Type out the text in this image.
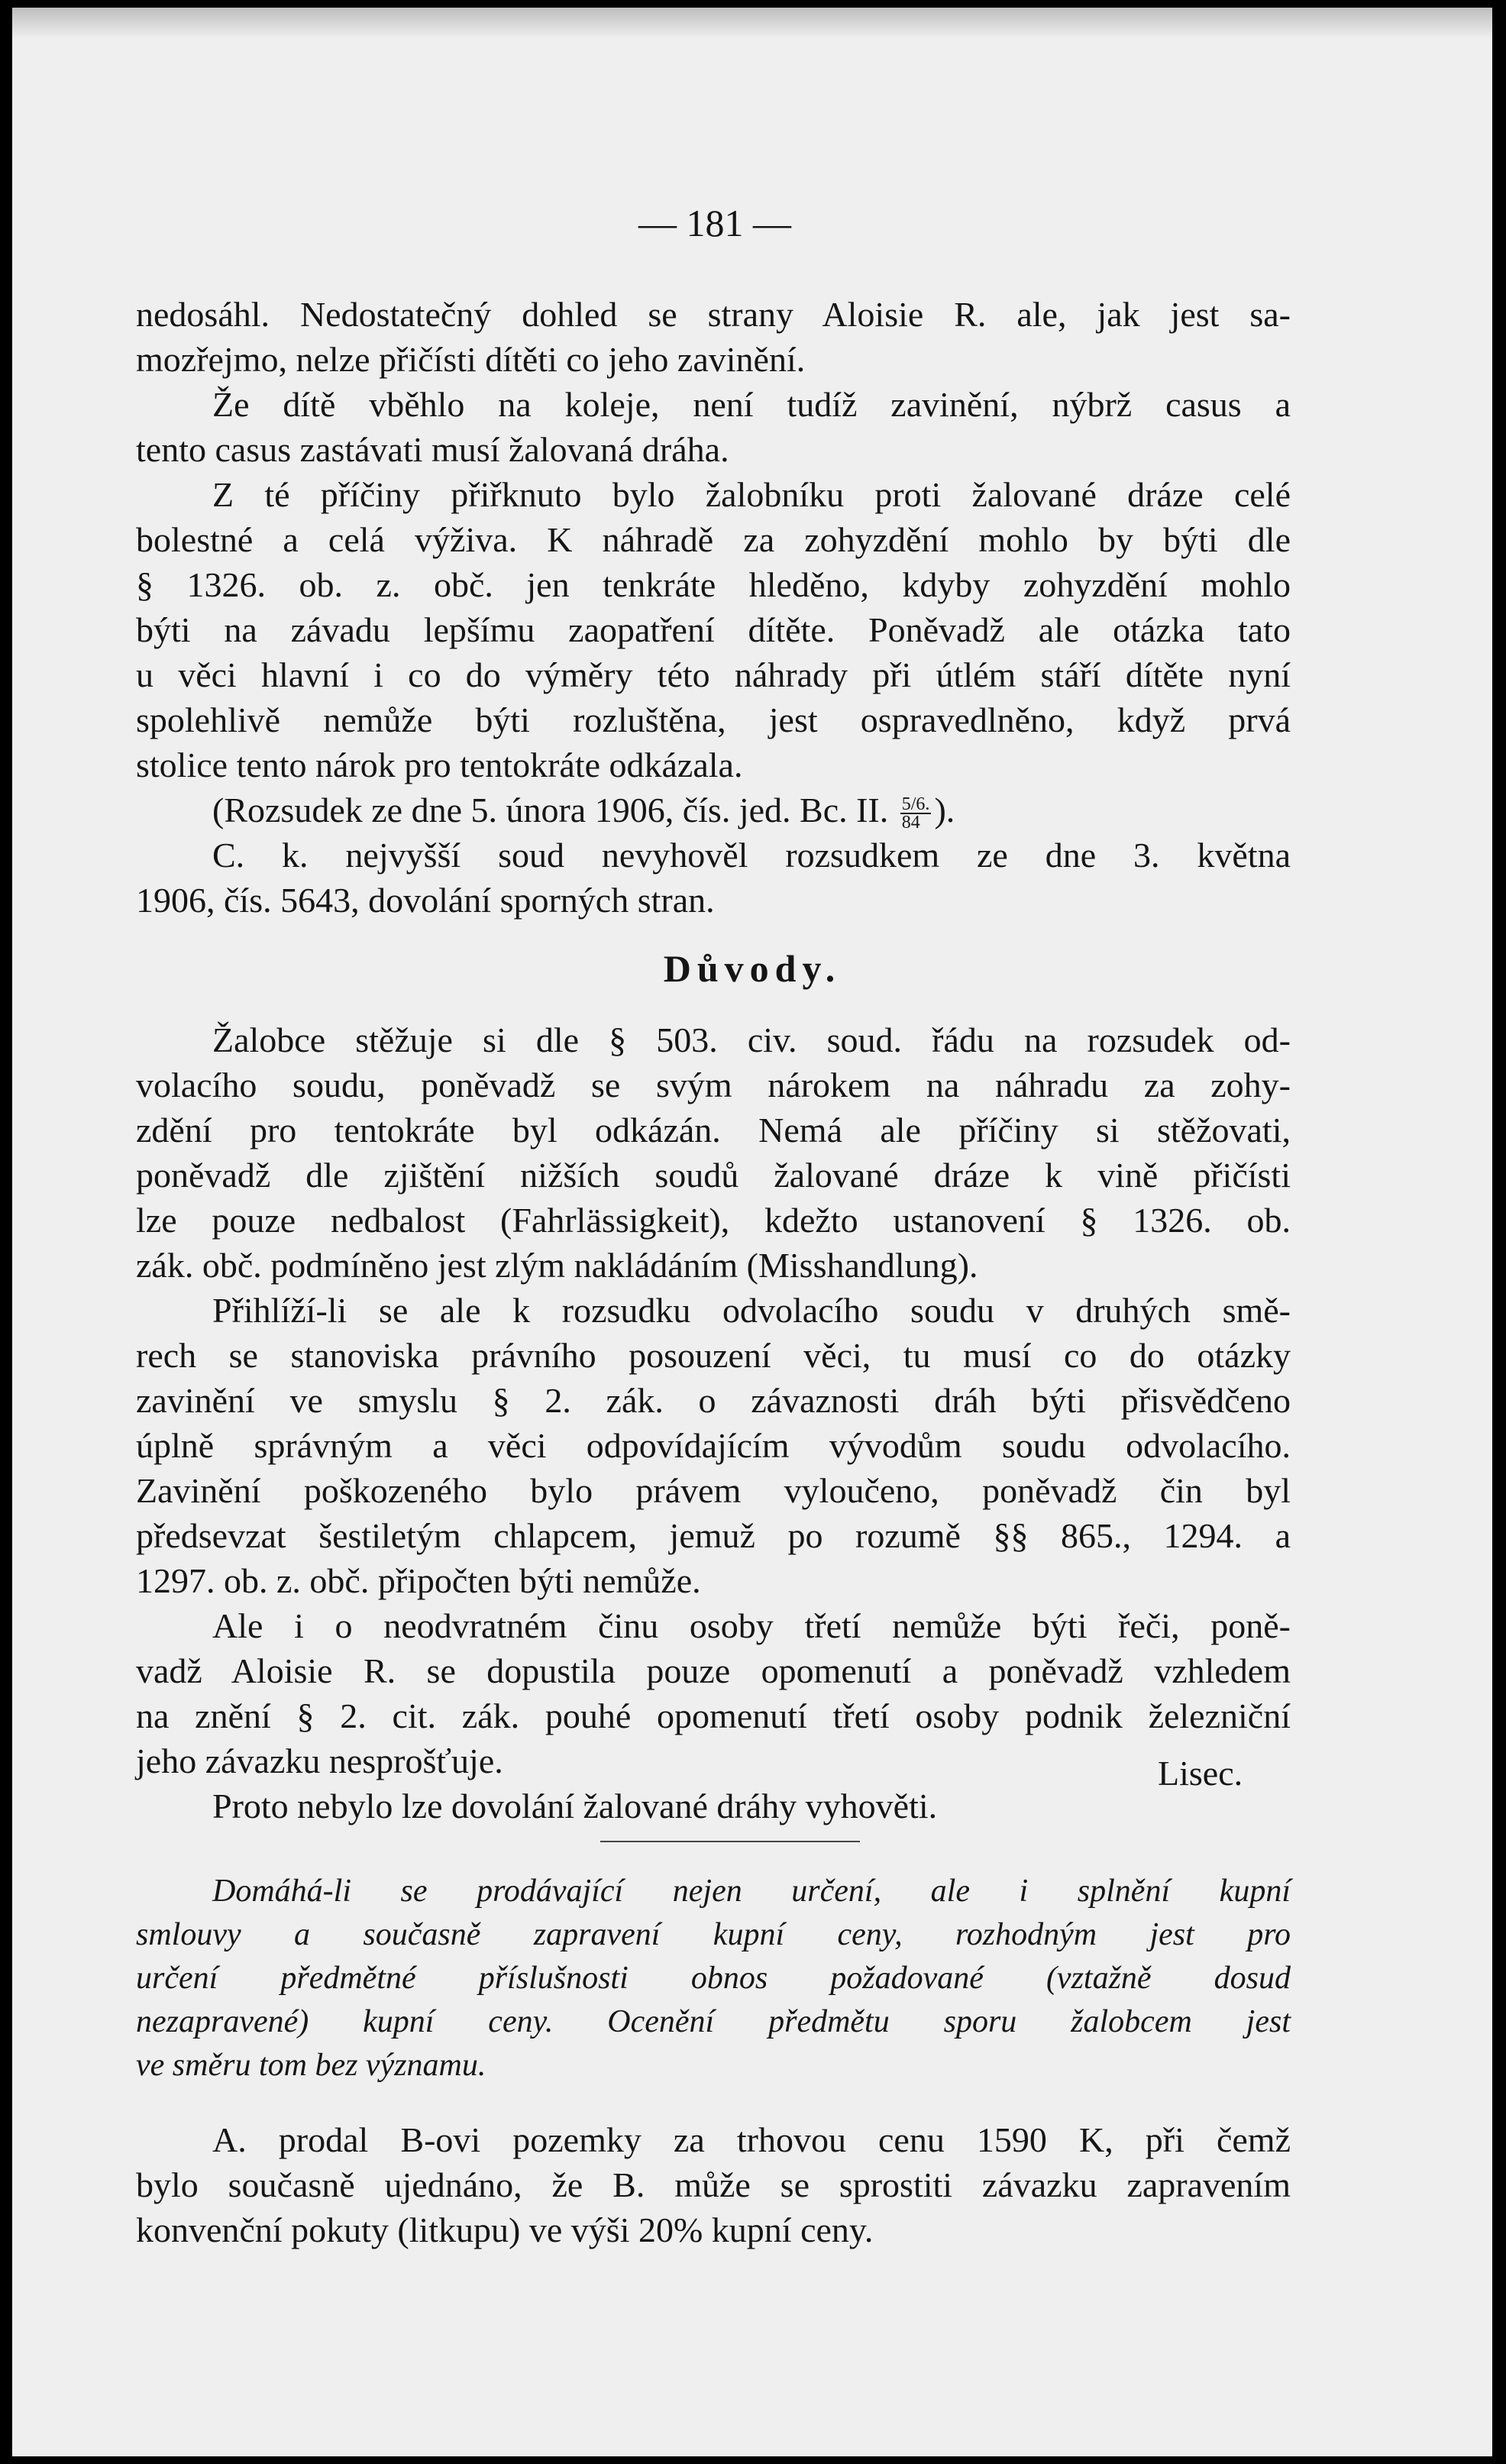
— 181 —
nedosáhl. Nedostatečný dohled se strany Aloisie R. ale, jak jest sa-
mozřejmo, nelze přičísti dítěti co jeho zavinění.
Že dítě vběhlo na koleje, není tudíž zavinění, nýbrž casus a
tento casus zastávati musí žalovaná dráha.
Z té příčiny přiřknuto bylo žalobníku proti žalované dráze celé
bolestné a celá výživa. K náhradě za zohyzdění mohlo by býti dle
§ 1326. ob. z. obč. jen tenkráte hleděno, kdyby zohyzdění mohlo
býti na závadu lepšímu zaopatření dítěte. Poněvadž ale otázka tato
u věci hlavní i co do výměry této náhrady při útlém stáří dítěte nyní
spolehlivě nemůže býti rozluštěna, jest ospravedlněno, když prvá
stolice tento nárok pro tentokráte odkázala.
(Rozsudek ze dne 5. února 1906, čís. jed. Bc. II. $\frac{5/6.}{84}$ ).
C. k. nejvyšší soud nevyhověl rozsudkem ze dne 3. května
1906, čís. 5643, dovolání sporných stran.
Důvody.
Žalobce stěžuje si dle § 503. civ. soud. řádu na rozsudek od-
volacího soudu, poněvadž se svým nárokem na náhradu za zohy-
zdění pro tentokráte byl odkázán. Nemá ale příčiny si stěžovati,
poněvadž dle zjištění nižších soudů žalované dráze k vině přičísti
lze pouze nedbalost (Fahrlässigkeit), kdežto ustanovení § 1326. ob.
zák. obč. podmíněno jest zlým nakládáním (Misshandlung).
Přihlíží-li se ale k rozsudku odvolacího soudu v druhých smě-
rech se stanoviska právního posouzení věci, tu musí co do otázky
zavinění ve smyslu § 2. zák. o závaznosti dráh býti přisvědčeno
úplně správným a věci odpovídajícím vývodům soudu odvolacího.
Zavinění poškozeného bylo právem vyloučeno, poněvadž čin byl
předsevzat šestiletým chlapcem, jemuž po rozumě §§ 865., 1294. a
1297. ob. z. obč. připočten býti nemůže.
Ale i o neodvratném činu osoby třetí nemůže býti řeči, poně-
vadž Aloisie R. se dopustila pouze opomenutí a poněvadž vzhledem
na znění § 2. cit. zák. pouhé opomenutí třetí osoby podnik železniční
jeho závazku nesprošťuje.
Proto nebylo lze dovolání žalované dráhy vyhověti.
Lisec.
Domáhá-li se prodávající nejen určení, ale i splnění kupní
smlouvy a současně zapravení kupní ceny, rozhodným jest pro
určení předmětné příslušnosti obnos požadované (vztažně dosud
nezapravené) kupní ceny. Ocenění předmětu sporu žalobcem jest
ve směru tom bez významu.
A. prodal B-ovi pozemky za trhovou cenu 1590 K, při čemž
bylo současně ujednáno, že B. může se sprostiti závazku zapravením
konvenční pokuty (litkupu) ve výši 20% kupní ceny.
